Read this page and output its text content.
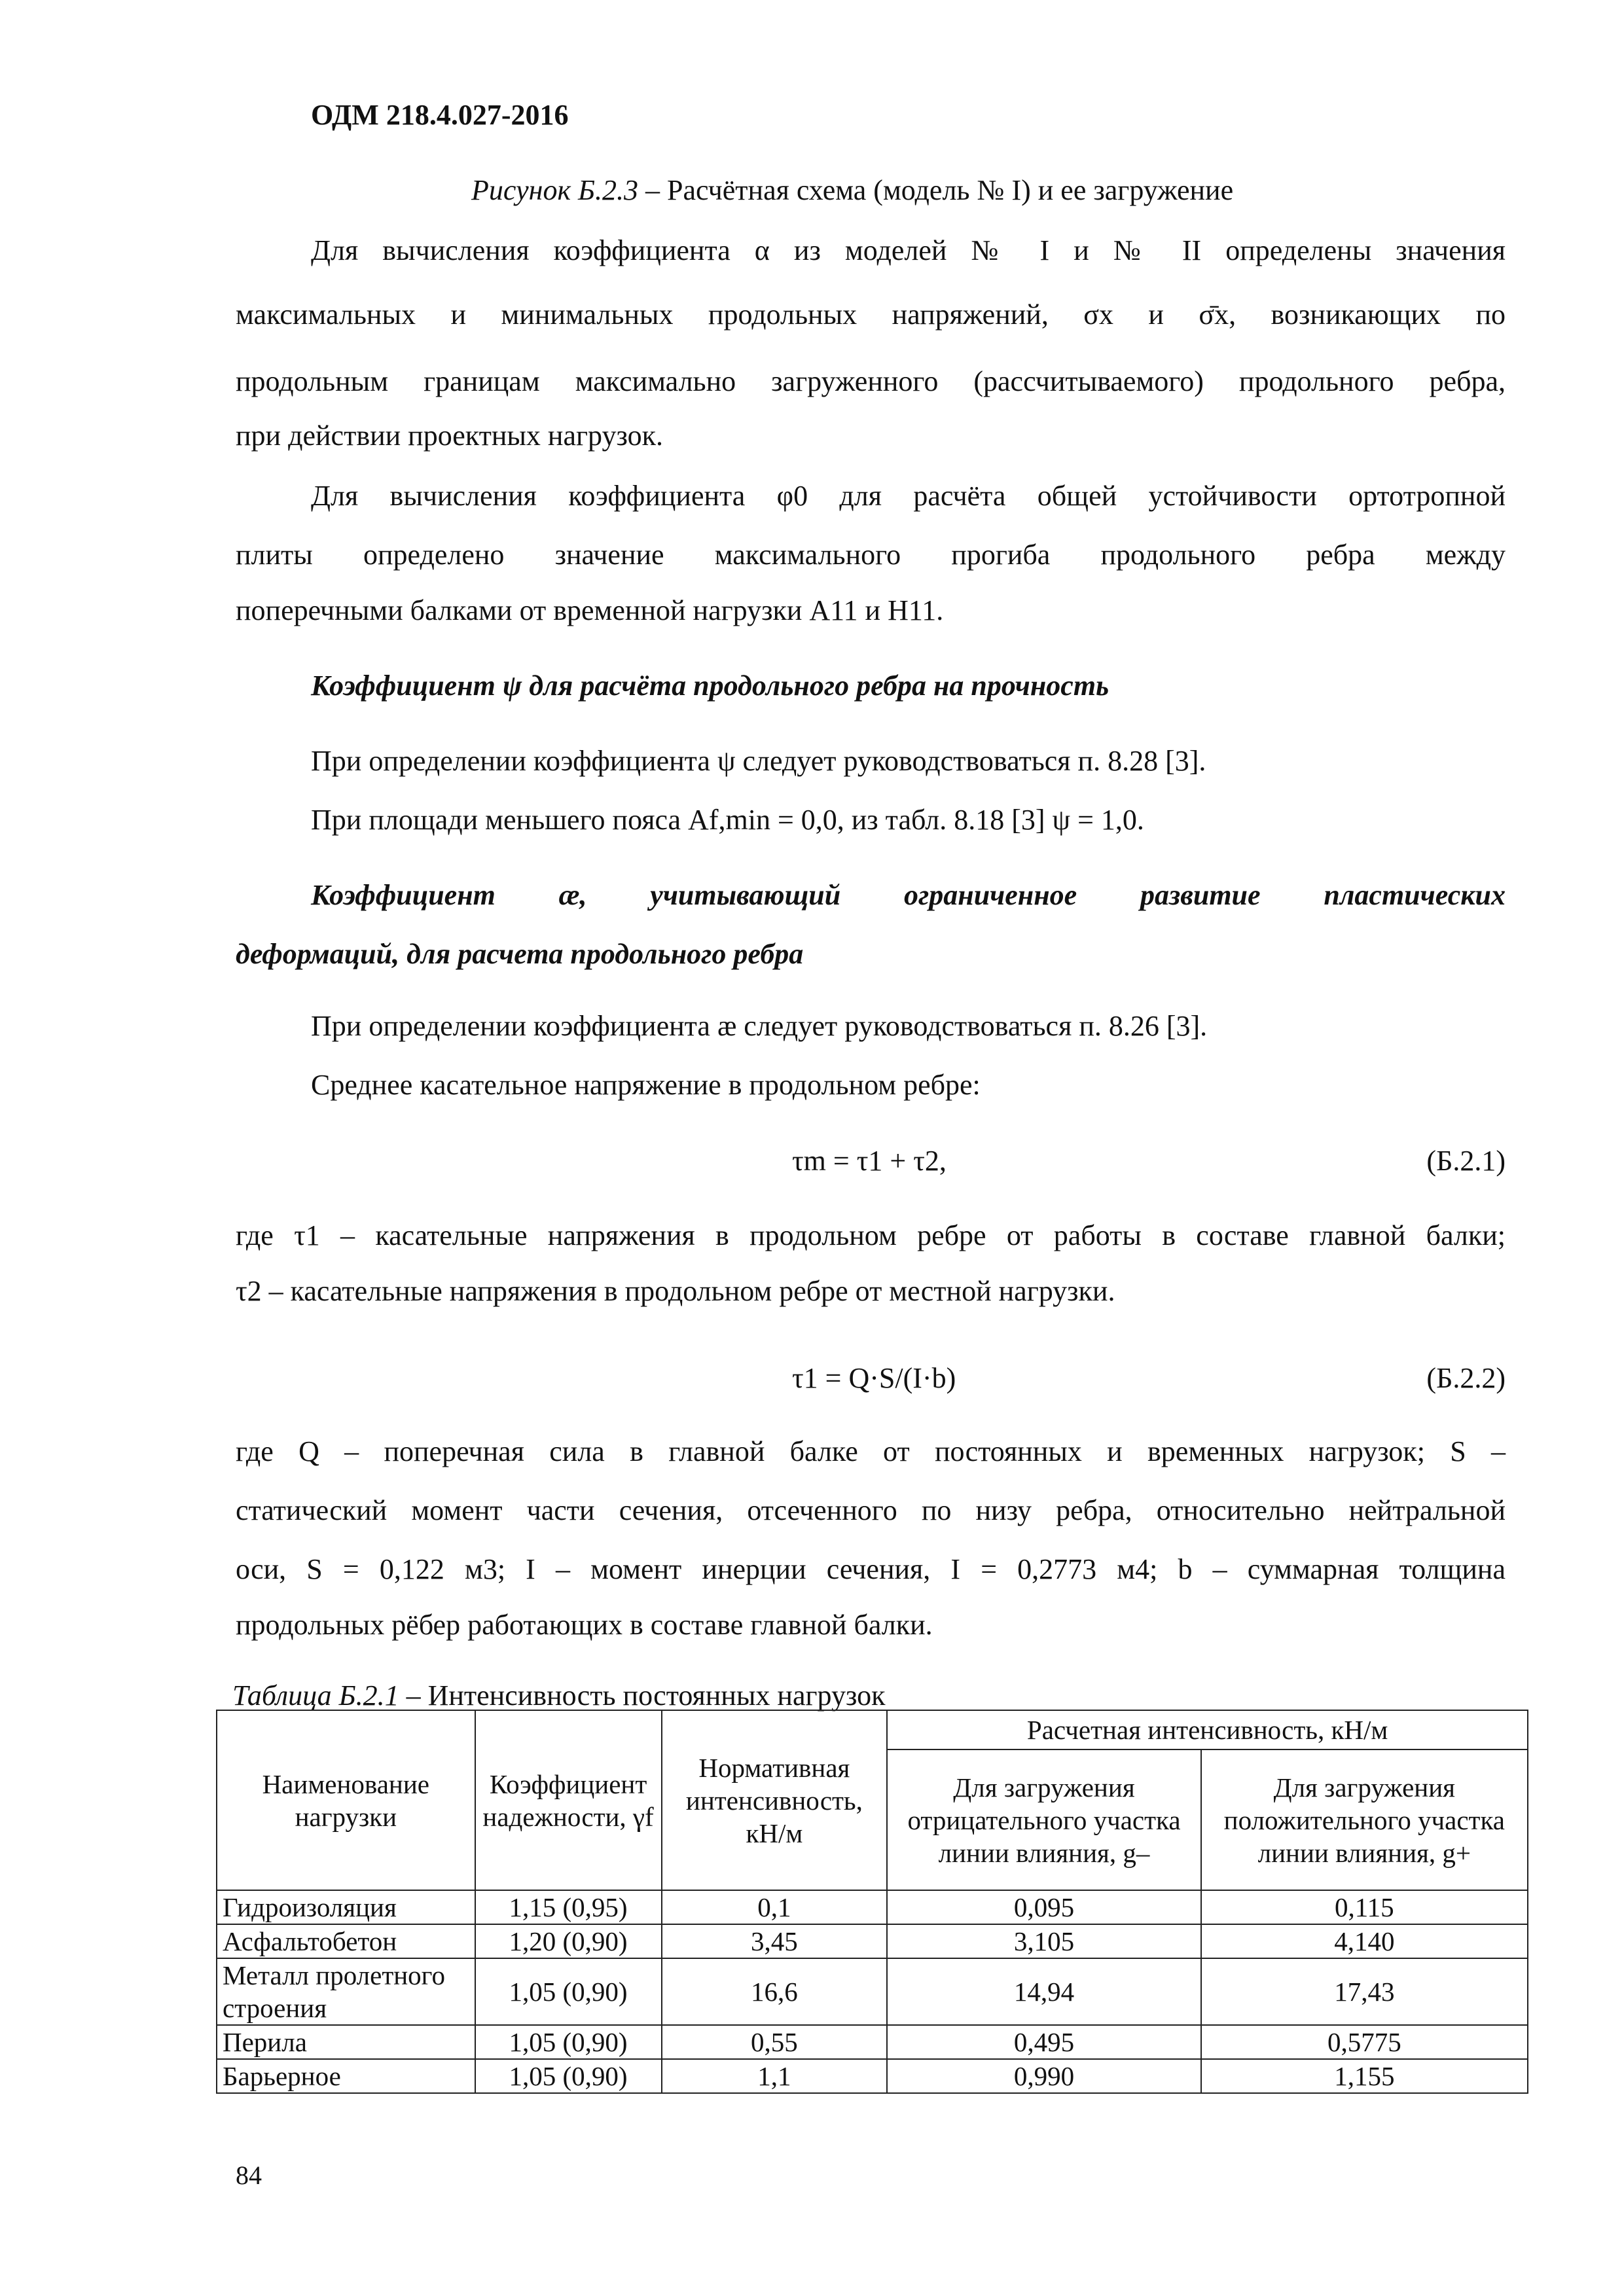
ОДМ 218.4.027-2016
Рисунок Б.2.3 – Расчётная схема (модель № I) и ее загружение
Для вычисления коэффициента α из моделей № I и № II определены значения
максимальных и минимальных продольных напряжений, σx и σ̄x, возникающих по
продольным границам максимально загруженного (рассчитываемого) продольного ребра,
при действии проектных нагрузок.
Для вычисления коэффициента φ0 для расчёта общей устойчивости ортотропной
плиты определено значение максимального прогиба продольного ребра между
поперечными балками от временной нагрузки А11 и Н11.
Коэффициент ψ для расчёта продольного ребра на прочность
При определении коэффициента ψ следует руководствоваться п. 8.28 [3].
При площади меньшего пояса Af,min = 0,0, из табл. 8.18 [3] ψ = 1,0.
Коэффициент æ, учитывающий ограниченное развитие пластических
деформаций, для расчета продольного ребра
При определении коэффициента æ следует руководствоваться п. 8.26 [3].
Среднее касательное напряжение в продольном ребре:
τm = τ1 + τ2,	(Б.2.1)
где τ1 – касательные напряжения в продольном ребре от работы в составе главной балки;
τ2 – касательные напряжения в продольном ребре от местной нагрузки.
τ1 = Q·S/(I·b)	(Б.2.2)
где Q – поперечная сила в главной балке от постоянных и временных нагрузок; S –
статический момент части сечения, отсеченного по низу ребра, относительно нейтральной
оси, S = 0,122 м3; I – момент инерции сечения, I = 0,2773 м4; b – суммарная толщина
продольных рёбер работающих в составе главной балки.
Таблица Б.2.1 – Интенсивность постоянных нагрузок
Наименование нагрузки	Коэффициент надежности, γf	Нормативная интенсивность, кН/м	Расчетная интенсивность, кН/м	
			Для загружения отрицательного участка линии влияния, g–	Для загружения положительного участка линии влияния, g+
Гидроизоляция	1,15 (0,95)	0,1	0,095	0,115
Асфальтобетон	1,20 (0,90)	3,45	3,105	4,140
Металл пролетного строения	1,05 (0,90)	16,6	14,94	17,43
Перила	1,05 (0,90)	0,55	0,495	0,5775
Барьерное	1,05 (0,90)	1,1	0,990	1,155
84
